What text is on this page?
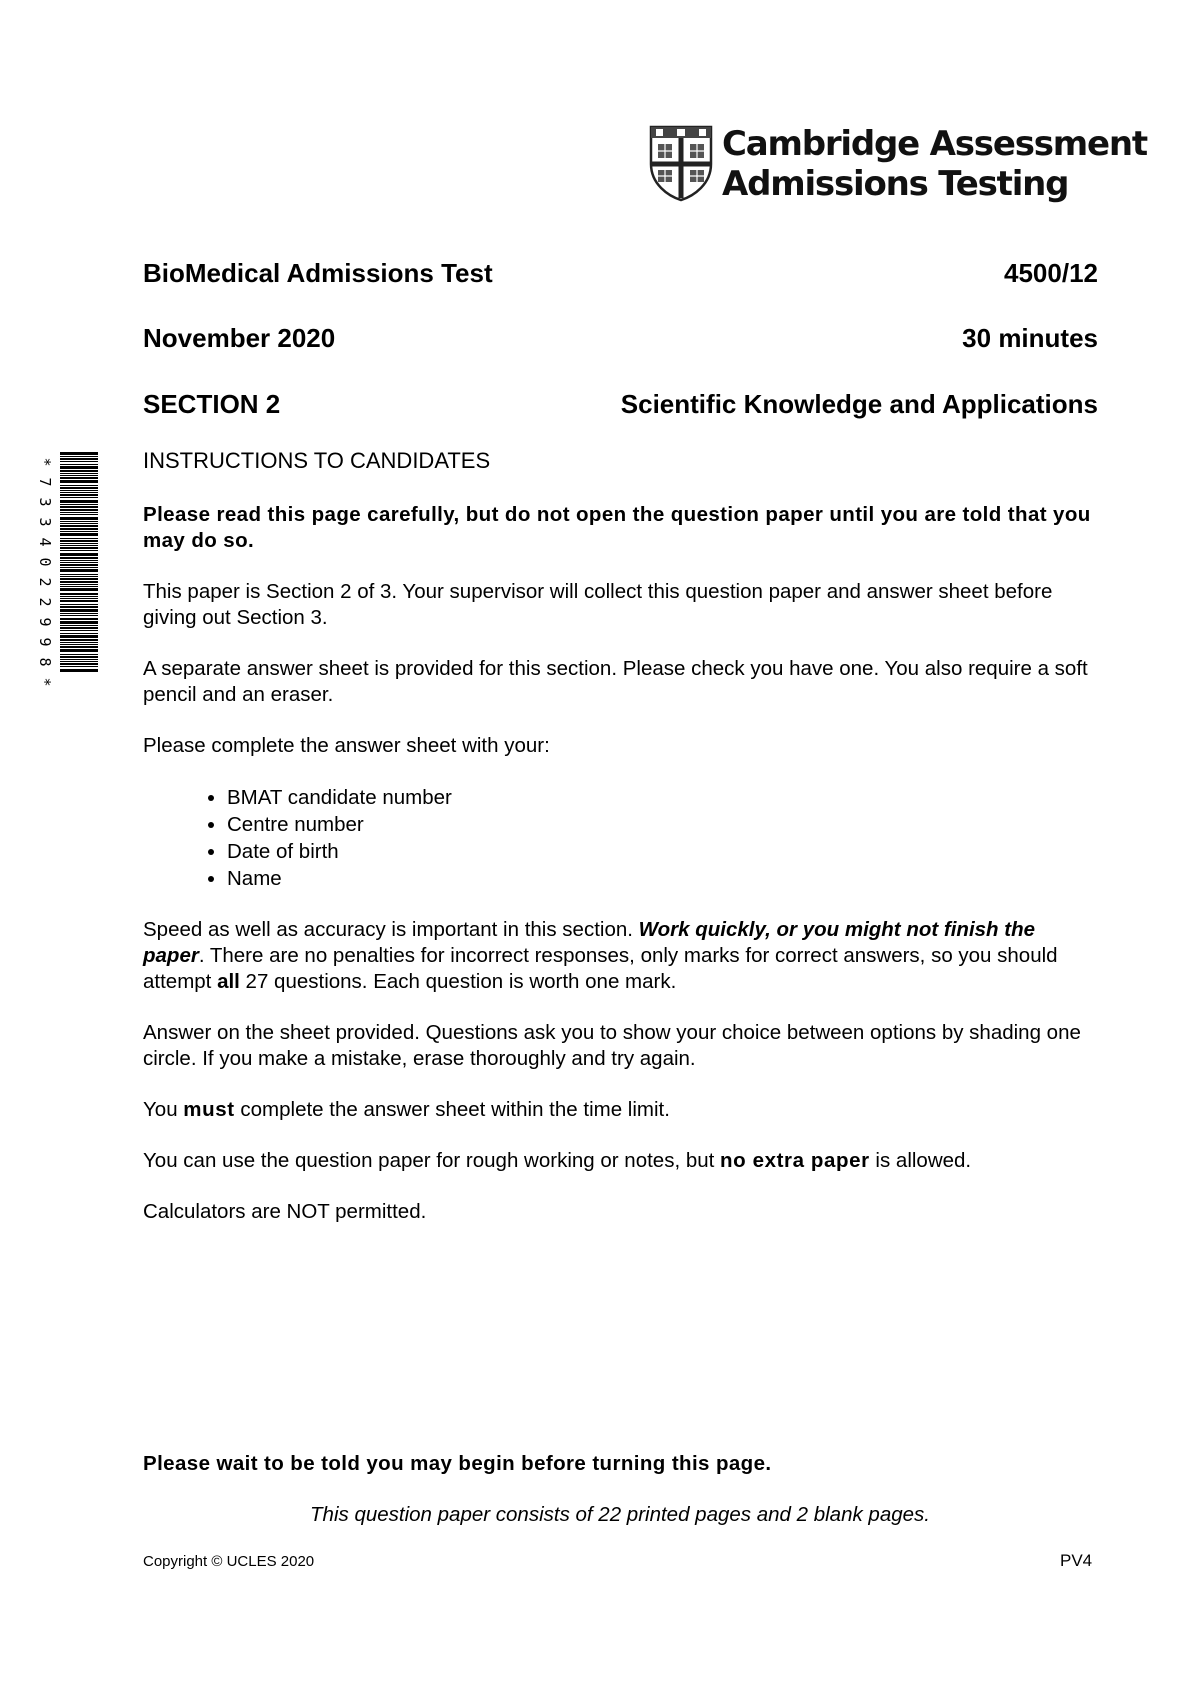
Cambridge Assessment
Admissions Testing
*
7
3
3
4
0
2
2
9
9
8
*
BioMedical Admissions Test	4500/12
November 2020	30 minutes
SECTION 2	Scientific Knowledge and Applications

INSTRUCTIONS TO CANDIDATES

Please read this page carefully, but do not open the question paper until you are told that you may do so.

This paper is Section 2 of 3. Your supervisor will collect this question paper and answer sheet before giving out Section 3.

A separate answer sheet is provided for this section. Please check you have one. You also require a soft pencil and an eraser.

Please complete the answer sheet with your:

• BMAT candidate number
• Centre number
• Date of birth
• Name

Speed as well as accuracy is important in this section. Work quickly, or you might not finish the paper. There are no penalties for incorrect responses, only marks for correct answers, so you should attempt all 27 questions. Each question is worth one mark.

Answer on the sheet provided. Questions ask you to show your choice between options by shading one circle. If you make a mistake, erase thoroughly and try again.

You must complete the answer sheet within the time limit.

You can use the question paper for rough working or notes, but no extra paper is allowed.

Calculators are NOT permitted.

Please wait to be told you may begin before turning this page.
This question paper consists of 22 printed pages and 2 blank pages.
Copyright © UCLES 2020	PV4
